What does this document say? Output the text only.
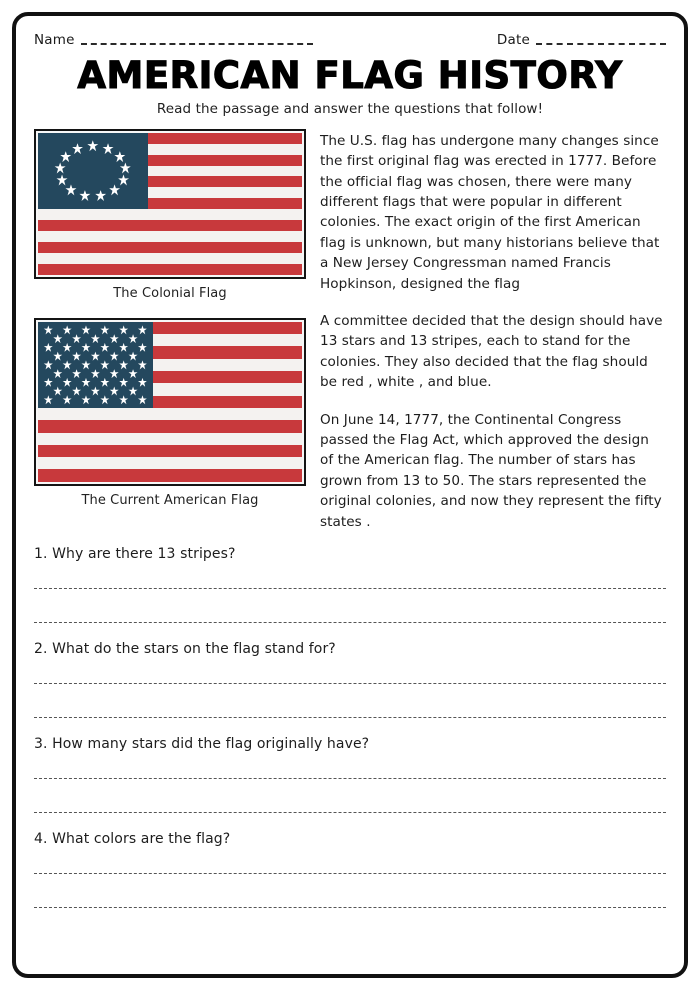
Name	Date
AMERICAN FLAG HISTORY
Read the passage and answer the questions that follow!
The Colonial Flag
The Current American Flag

The U.S. flag has undergone many changes since the first original flag was erected in 1777. Before the official flag was chosen, there were many different flags that were popular in different colonies. The exact origin of the first American flag is unknown, but many historians believe that a New Jersey Congressman named Francis Hopkinson, designed the flag

A committee decided that the design should have 13 stars and 13 stripes, each to stand for the colonies. They also decided that the flag should be red , white , and blue.

On June 14, 1777, the Continental Congress passed the Flag Act, which approved the design of the American flag. The number of stars has grown from 13 to 50. The stars represented the original colonies, and now they represent the fifty states .

1. Why are there 13 stripes?
2. What do the stars on the flag stand for?
3. How many stars did the flag originally have?
4. What colors are the flag?
